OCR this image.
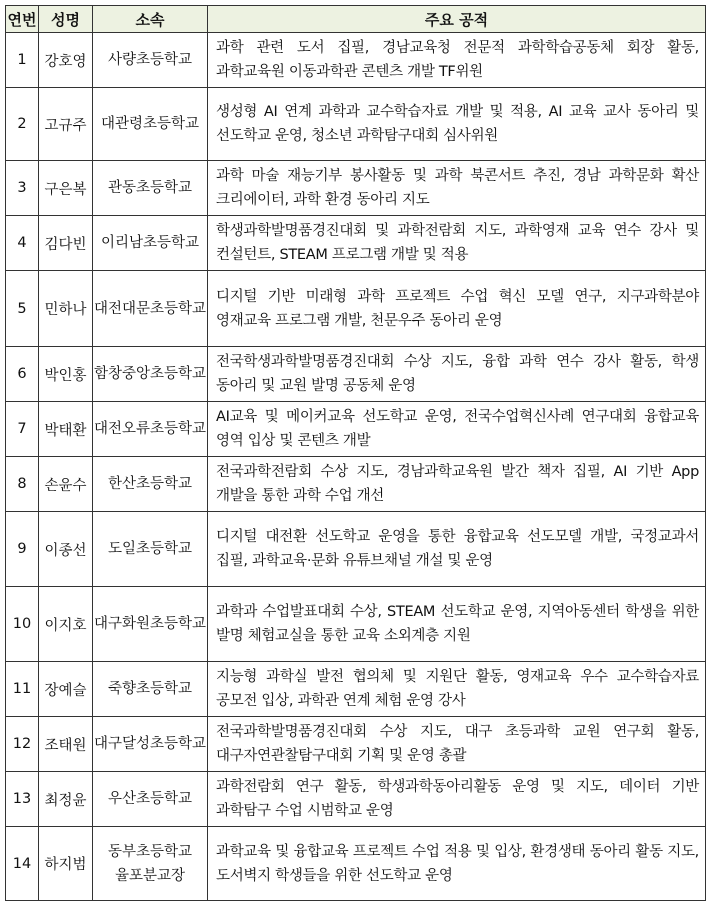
연번	성명	소속	주요 공적
1	강호영	사량초등학교	과학 관련 도서 집필, 경남교육청 전문적 과학학습공동체 회장 활동, 과학교육원 이동과학관 콘텐츠 개발 TF위원
2	고규주	대관령초등학교	생성형 AI 연계 과학과 교수학습자료 개발 및 적용, AI 교육 교사 동아리 및 선도학교 운영, 청소년 과학탐구대회 심사위원
3	구은복	관동초등학교	과학 마술 재능기부 봉사활동 및 과학 북콘서트 추진, 경남 과학문화 확산 크리에이터, 과학 환경 동아리 지도
4	김다빈	이리남초등학교	학생과학발명품경진대회 및 과학전람회 지도, 과학영재 교육 연수 강사 및 컨설턴트, STEAM 프로그램 개발 및 적용
5	민하나	대전대문초등학교	디지털 기반 미래형 과학 프로젝트 수업 혁신 모델 연구, 지구과학분야 영재교육 프로그램 개발, 천문우주 동아리 운영
6	박인홍	함창중앙초등학교	전국학생과학발명품경진대회 수상 지도, 융합 과학 연수 강사 활동, 학생 동아리 및 교원 발명 공동체 운영
7	박태환	대전오류초등학교	AI교육 및 메이커교육 선도학교 운영, 전국수업혁신사례 연구대회 융합교육 영역 입상 및 콘텐츠 개발
8	손윤수	한산초등학교	전국과학전람회 수상 지도, 경남과학교육원 발간 책자 집필, AI 기반 App 개발을 통한 과학 수업 개선
9	이종선	도일초등학교	디지털 대전환 선도학교 운영을 통한 융합교육 선도모델 개발, 국정교과서 집필, 과학교육·문화 유튜브채널 개설 및 운영
10	이지호	대구화원초등학교	과학과 수업발표대회 수상, STEAM 선도학교 운영, 지역아동센터 학생을 위한 발명 체험교실을 통한 교육 소외계층 지원
11	장예슬	죽향초등학교	지능형 과학실 발전 협의체 및 지원단 활동, 영재교육 우수 교수학습자료 공모전 입상, 과학관 연계 체험 운영 강사
12	조태원	대구달성초등학교	전국과학발명품경진대회 수상 지도, 대구 초등과학 교원 연구회 활동, 대구자연관찰탐구대회 기획 및 운영 총괄
13	최정윤	우산초등학교	과학전람회 연구 활동, 학생과학동아리활동 운영 및 지도, 데이터 기반 과학탐구 수업 시범학교 운영
14	하지범	동부초등학교
율포분교장	과학교육 및 융합교육 프로젝트 수업 적용 및 입상, 환경생태 동아리 활동 지도, 도서벽지 학생들을 위한 선도학교 운영
